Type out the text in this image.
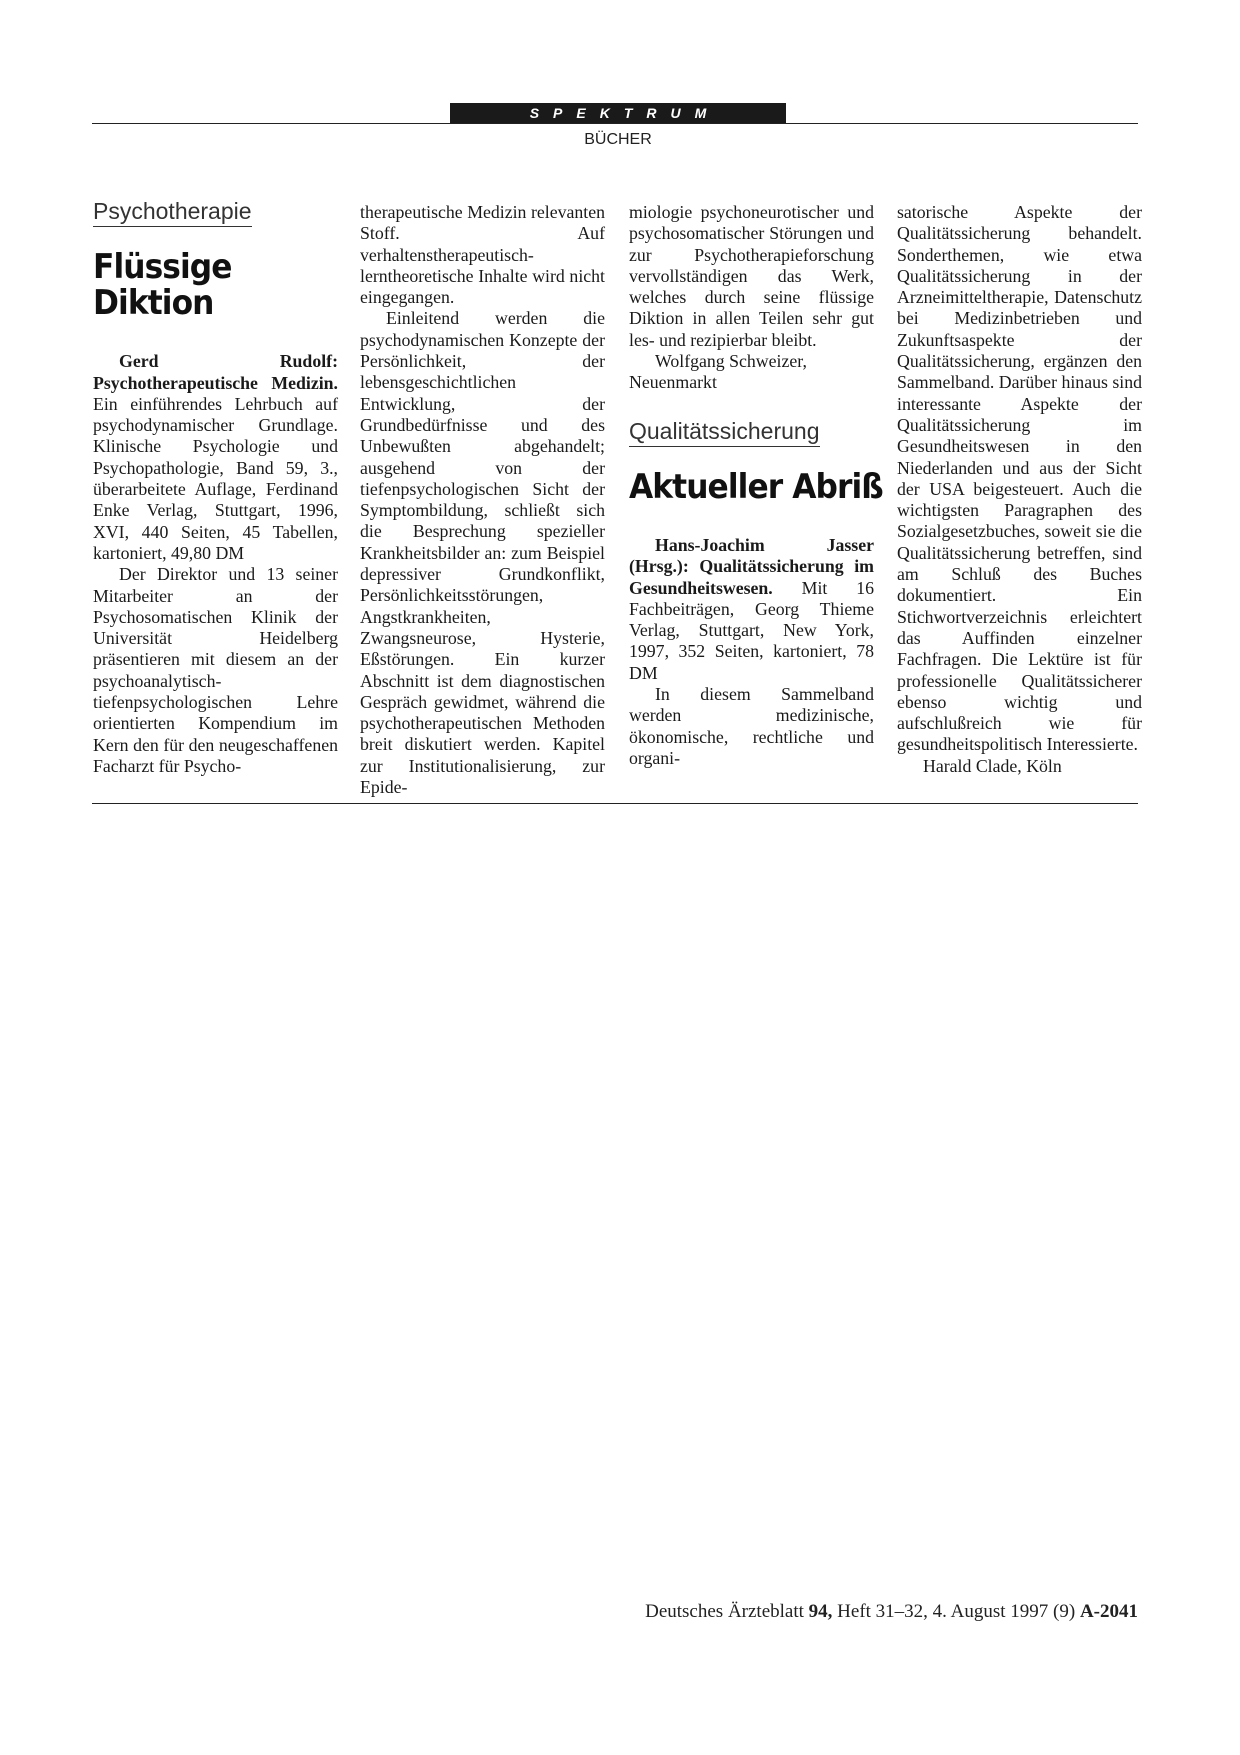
SPEKTRUM
BÜCHER
Psychotherapie
Flüssige
Diktion

Gerd Rudolf: Psychotherapeutische Medizin. Ein einführendes Lehrbuch auf psychodynamischer Grundlage. Klinische Psychologie und Psychopathologie, Band 59, 3., überarbeitete Auflage, Ferdinand Enke Verlag, Stuttgart, 1996, XVI, 440 Seiten, 45 Tabellen, kartoniert, 49,80 DM

Der Direktor und 13 seiner Mitarbeiter an der Psychosomatischen Klinik der Universität Heidelberg präsentieren mit diesem an der psychoanalytisch-tiefenpsychologischen Lehre orientierten Kompendium im Kern den für den neugeschaffenen Facharzt für Psycho-

therapeutische Medizin relevanten Stoff. Auf verhaltenstherapeutisch-lerntheoretische Inhalte wird nicht eingegangen.

Einleitend werden die psychodynamischen Konzepte der Persönlichkeit, der lebensgeschichtlichen Entwicklung, der Grundbedürfnisse und des Unbewußten abgehandelt; ausgehend von der tiefenpsychologischen Sicht der Symptombildung, schließt sich die Besprechung spezieller Krankheitsbilder an: zum Beispiel depressiver Grundkonflikt, Persönlichkeitsstörungen, Angstkrankheiten, Zwangsneurose, Hysterie, Eßstörungen. Ein kurzer Abschnitt ist dem diagnostischen Gespräch gewidmet, während die psychotherapeutischen Methoden breit diskutiert werden. Kapitel zur Institutionalisierung, zur Epide-

miologie psychoneurotischer und psychosomatischer Störungen und zur Psychotherapieforschung vervollständigen das Werk, welches durch seine flüssige Diktion in allen Teilen sehr gut les- und rezipierbar bleibt.

Wolfgang Schweizer,

Neuenmarkt

Qualitätssicherung
Aktueller Abriß

Hans-Joachim Jasser (Hrsg.): Qualitätssicherung im Gesundheitswesen. Mit 16 Fachbeiträgen, Georg Thieme Verlag, Stuttgart, New York, 1997, 352 Seiten, kartoniert, 78 DM

In diesem Sammelband werden medizinische, ökonomische, rechtliche und organi-

satorische Aspekte der Qualitätssicherung behandelt. Sonderthemen, wie etwa Qualitätssicherung in der Arzneimitteltherapie, Datenschutz bei Medizinbetrieben und Zukunftsaspekte der Qualitätssicherung, ergänzen den Sammelband. Darüber hinaus sind interessante Aspekte der Qualitätssicherung im Gesundheitswesen in den Niederlanden und aus der Sicht der USA beigesteuert. Auch die wichtigsten Paragraphen des Sozialgesetzbuches, soweit sie die Qualitätssicherung betreffen, sind am Schluß des Buches dokumentiert. Ein Stichwortverzeichnis erleichtert das Auffinden einzelner Fachfragen. Die Lektüre ist für professionelle Qualitätssicherer ebenso wichtig und aufschlußreich wie für gesundheitspolitisch Interessierte.

Harald Clade, Köln

Deutsches Ärzteblatt 94, Heft 31–32, 4. August 1997 (9) A-2041
